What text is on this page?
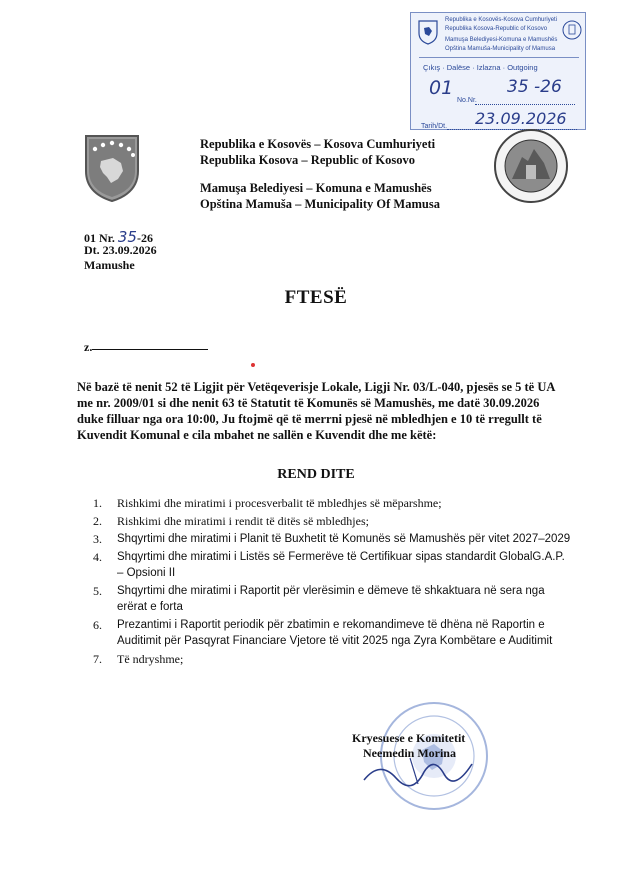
Republika e Kosovës-Kosova Cumhuriyeti
Republika Kosova-Republic of Kosovo
Mamuşa Belediyesi-Komuna e Mamushës
Opština Mamuša-Municipality of Mamusa
Çıkış · Dalëse · Izlazna · Outgoing
01
No.Nr.
35 -26
Tarih/Dt. 23.09.2026
Republika e Kosovës – Kosova Cumhuriyeti
Republika Kosova – Republic of Kosovo
Mamuşa Belediyesi – Komuna e Mamushës
Opština Mamuša – Municipality Of Mamusa
01 Nr. 35-26
Dt. 23.09.2026
Mamushe
FTESË
z.
Në bazë të nenit 52 të Ligjit për Vetëqeverisje Lokale, Ligji Nr. 03/L-040, pjesës se 5 të UA me nr. 2009/01 si dhe nenit 63 të Statutit të Komunës së Mamushës, me datë 30.09.2026 duke filluar nga ora 10:00, Ju ftojmë që të merrni pjesë në mbledhjen e 10 të rregullt të Kuvendit Komunal e cila mbahet ne sallën e Kuvendit dhe me këtë:
REND DITE
1.	Rishkimi dhe miratimi i procesverbalit të mbledhjes së mëparshme;
2.	Rishkimi dhe miratimi i rendit të ditës së mbledhjes;
3.	Shqyrtimi dhe miratimi i Planit të Buxhetit të Komunës së Mamushës për vitet 2027–2029
4.	Shqyrtimi dhe miratimi i Listës së Fermerëve të Certifikuar sipas standardit GlobalG.A.P. – Opsioni II
5.	Shqyrtimi dhe miratimi i Raportit për vlerësimin e dëmeve të shkaktuara në sera nga erërat e forta
6.	Prezantimi i Raportit periodik për zbatimin e rekomandimeve të dhëna në Raportin e Auditimit për Pasqyrat Financiare Vjetore të vitit 2025 nga Zyra Kombëtare e Auditimit
7.	Të ndryshme;
Kryesuese e Komitetit
Neemedin Morina
